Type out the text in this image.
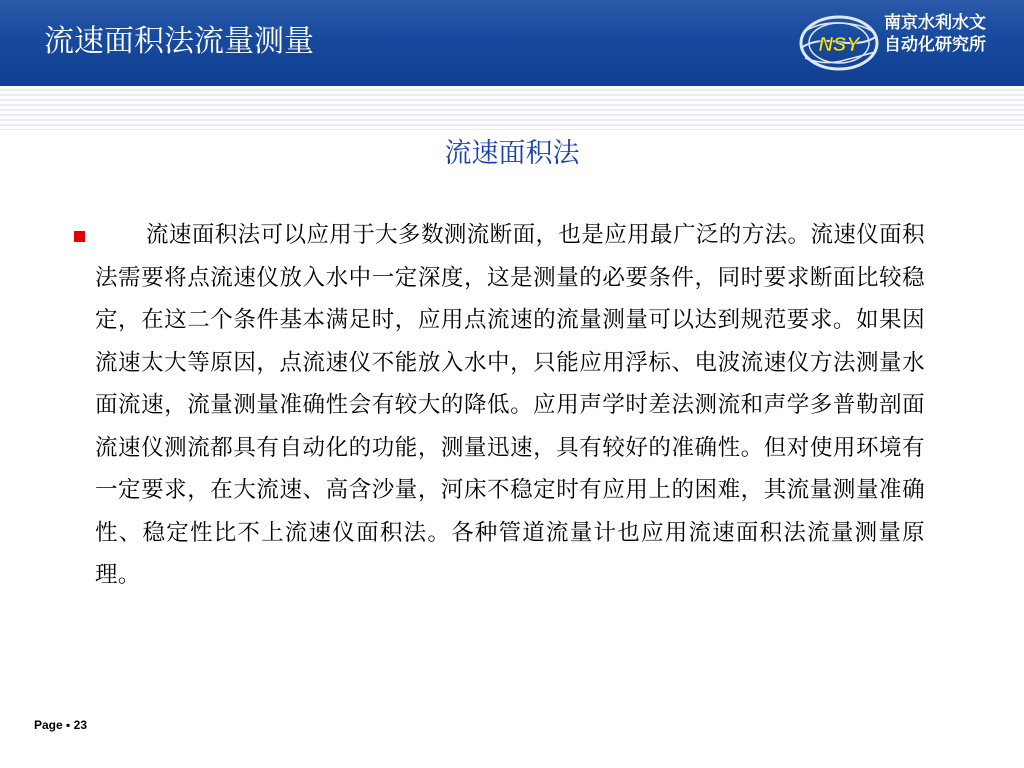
流速面积法流量测量	NSY
南京水利水文
自动化研究所
流速面积法
流速面积法可以应用于大多数测流断面，也是应用最广泛的方法。流速仪面积法需要将点流速仪放入水中一定深度，这是测量的必要条件，同时要求断面比较稳定，在这二个条件基本满足时，应用点流速的流量测量可以达到规范要求。如果因流速太大等原因，点流速仪不能放入水中，只能应用浮标、电波流速仪方法测量水面流速，流量测量准确性会有较大的降低。应用声学时差法测流和声学多普勒剖面流速仪测流都具有自动化的功能，测量迅速，具有较好的准确性。但对使用环境有一定要求，在大流速、高含沙量，河床不稳定时有应用上的困难，其流量测量准确性、稳定性比不上流速仪面积法。各种管道流量计也应用流速面积法流量测量原理。
Page ▪ 23
